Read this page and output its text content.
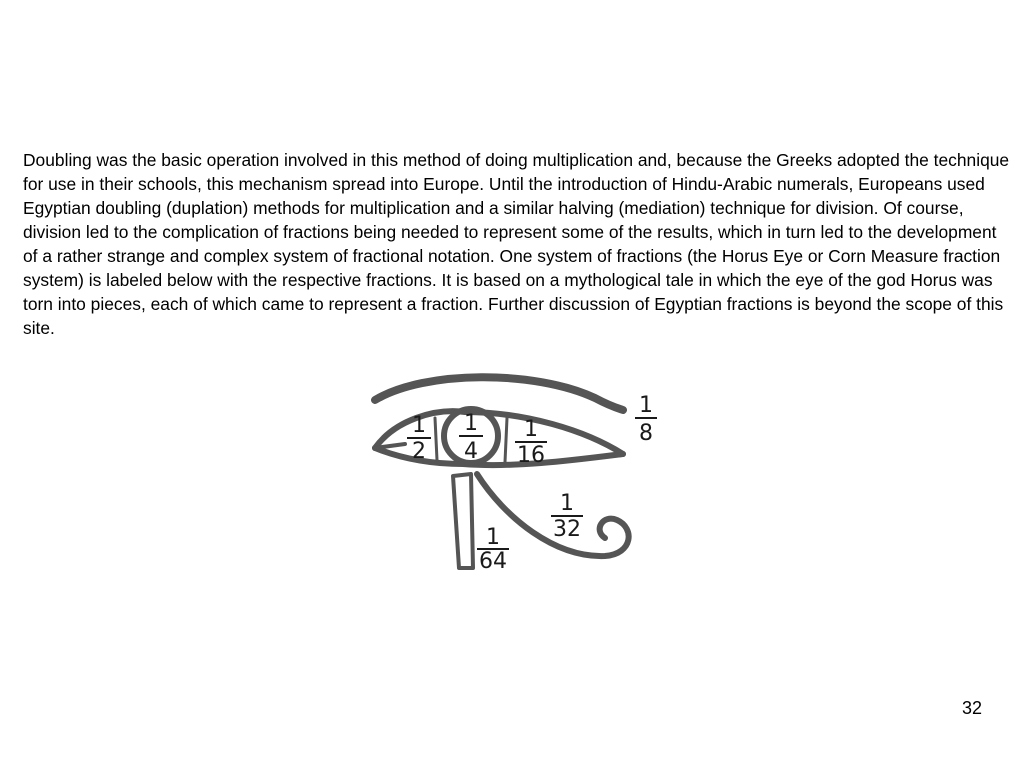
Doubling was the basic operation involved in this method of doing multiplication and, because the Greeks adopted the technique for use in their schools, this mechanism spread into Europe. Until the introduction of Hindu-Arabic numerals, Europeans used Egyptian doubling (duplation) methods for multiplication and a similar halving (mediation) technique for division. Of course, division led to the complication of fractions being needed to represent some of the results, which in turn led to the development of a rather strange and complex system of fractional notation. One system of fractions (the Horus Eye or Corn Measure fraction system) is labeled below with the respective fractions. It is based on a mythological tale in which the eye of the god Horus was torn into pieces, each of which came to represent a fraction. Further discussion of Egyptian fractions is beyond the scope of this site.

1
2
1
4
1
16
1
8
1
32
1
64
32
